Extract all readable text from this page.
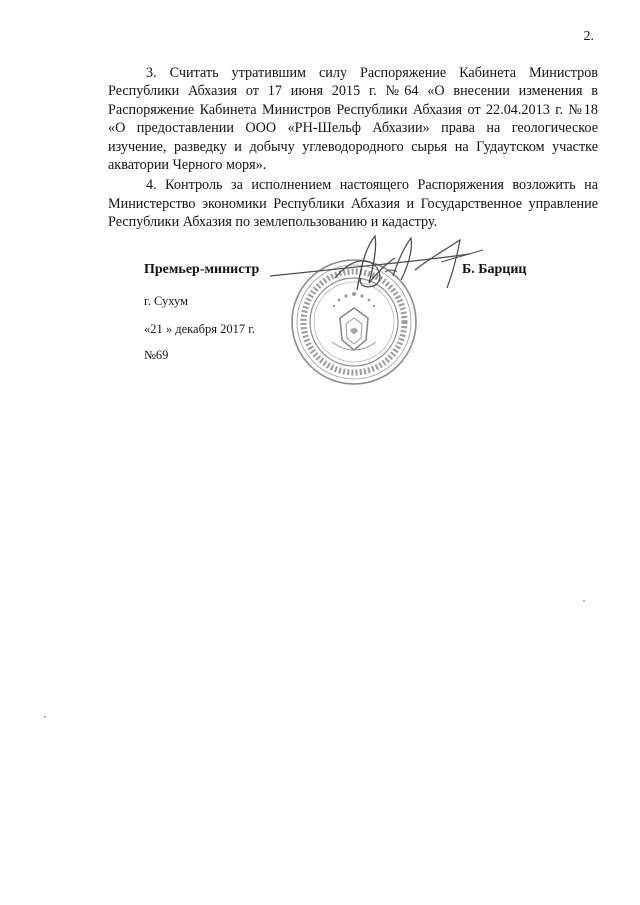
2.

3. Считать утратившим силу Распоряжение Кабинета Министров Республики Абхазия от 17 июня 2015 г. №64 «О внесении изменения в Распоряжение Кабинета Министров Республики Абхазия от 22.04.2013 г. №18 «О предоставлении ООО «РН-Шельф Абхазии» права на геологическое изучение, разведку и добычу углеводородного сырья на Гудаутском участке акватории Черного моря».

4. Контроль за исполнением настоящего Распоряжения возложить на Министерство экономики Республики Абхазия и Государственное управление Республики Абхазия по землепользованию и кадастру.

Премьер-министр	Б. Барциц
г. Сухум
«21 » декабря 2017 г.
№69
